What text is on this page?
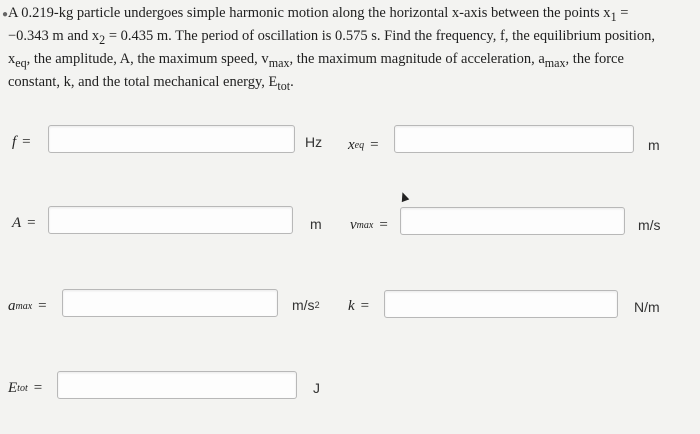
● A 0.219-kg particle undergoes simple harmonic motion along the horizontal x-axis between the points $x_1 = -0.343$ m and $x_2 = 0.435$ m. The period of oscillation is 0.575 s. Find the frequency, f, the equilibrium position, $x_{eq}$, the amplitude, A, the maximum speed, $v_{max}$, the maximum magnitude of acceleration, $a_{max}$, the force constant, k, and the total mechanical energy, $E_{tot}$.
f =	Hz x eq =	m
A =	m v max =	m/s
a max =	m/s 2 k =	N/m
E tot =	J
